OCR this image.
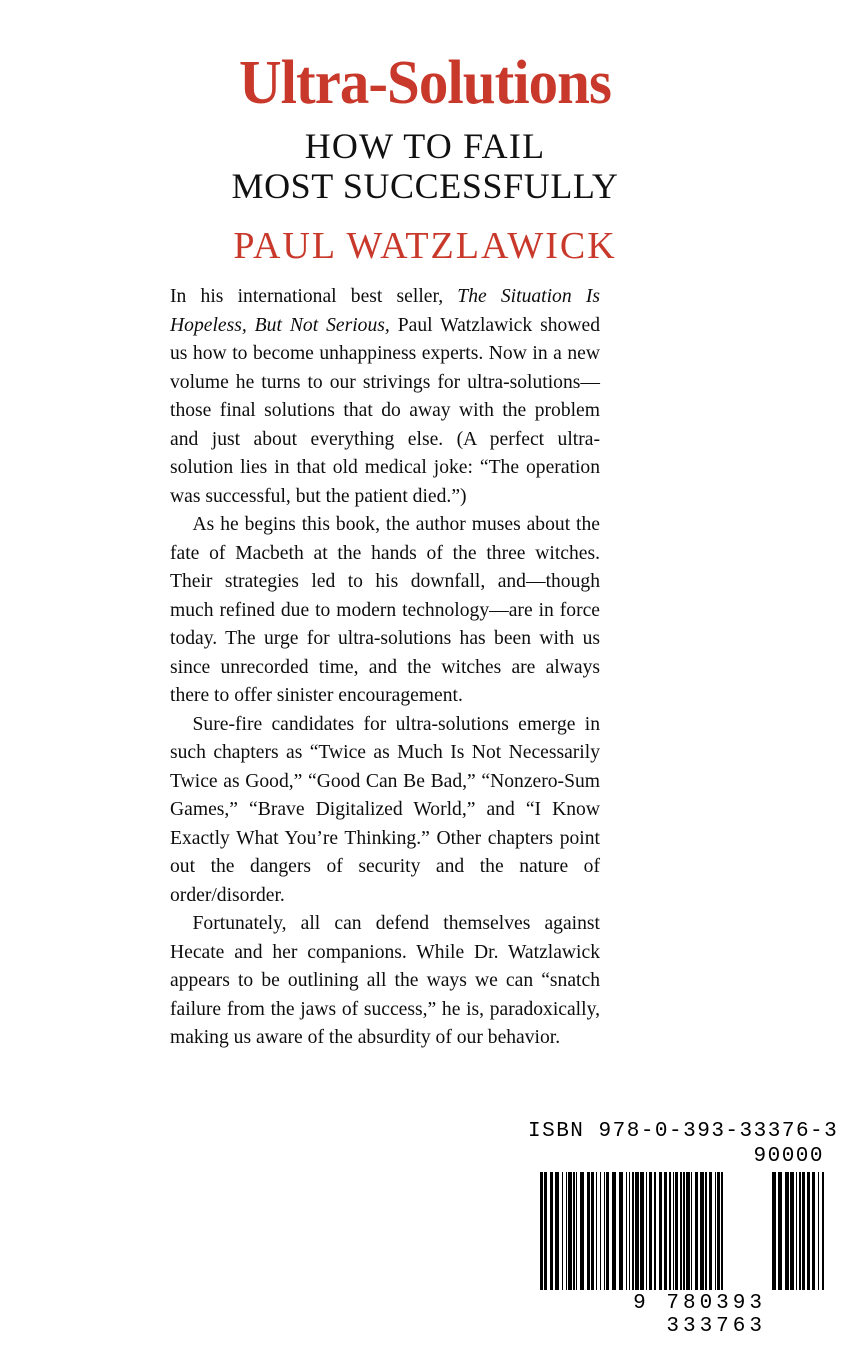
Ultra-Solutions
HOW TO FAIL
MOST SUCCESSFULLY
PAUL WATZLAWICK

In his international best seller, The Situation Is Hopeless, But Not Serious, Paul Watzlawick showed us how to become unhappiness experts. Now in a new volume he turns to our strivings for ultra-solutions—those final solutions that do away with the problem and just about everything else. (A perfect ultra-solution lies in that old medical joke: “The operation was successful, but the patient died.”)

As he begins this book, the author muses about the fate of Macbeth at the hands of the three witches. Their strategies led to his downfall, and—though much refined due to modern technology—are in force today. The urge for ultra-solutions has been with us since unrecorded time, and the witches are always there to offer sinister encouragement.

Sure-fire candidates for ultra-solutions emerge in such chapters as “Twice as Much Is Not Necessarily Twice as Good,” “Good Can Be Bad,” “Nonzero-Sum Games,” “Brave Digitalized World,” and “I Know Exactly What You’re Thinking.” Other chapters point out the dangers of security and the nature of order/disorder.

Fortunately, all can defend themselves against Hecate and her companions. While Dr. Watzlawick appears to be outlining all the ways we can “snatch failure from the jaws of success,” he is, paradoxically, making us aware of the absurdity of our behavior.

ISBN 978-0-393-33376-3
90000
9 780393 333763
